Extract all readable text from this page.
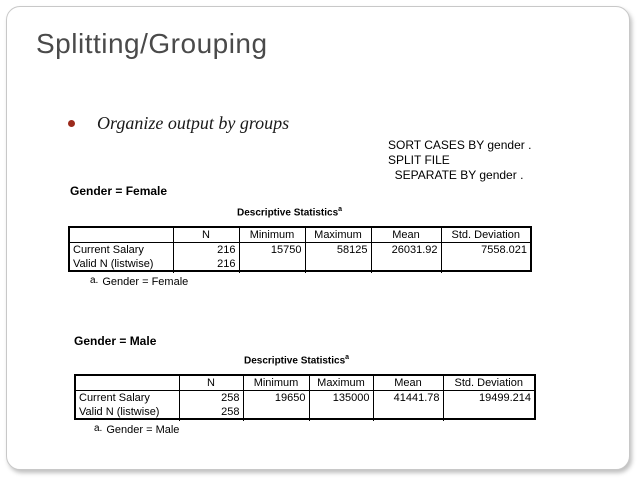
Splitting/Grouping
Organize output by groups
SORT CASES BY gender .
SPLIT FILE
SEPARATE BY gender .
Gender = Female
Descriptive Statistics$^a$
	N	Minimum	Maximum	Mean	Std. Deviation
Current Salary	216	15750	58125	26031.92	7558.021
Valid N (listwise)	216				
a. Gender = Female
Gender = Male
Descriptive Statistics$^a$
	N	Minimum	Maximum	Mean	Std. Deviation
Current Salary	258	19650	135000	41441.78	19499.214
Valid N (listwise)	258				
a. Gender = Male
